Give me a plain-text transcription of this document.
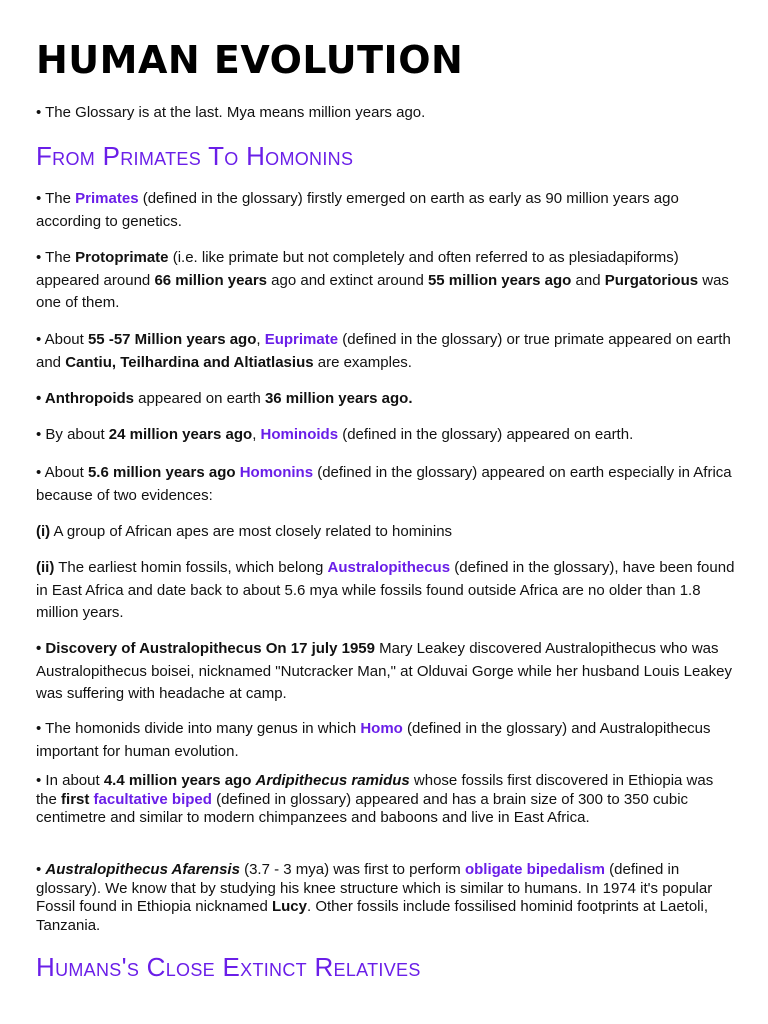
HUMAN EVOLUTION

• The Glossary is at the last. Mya means million years ago.

From Primates To Homonins

• The Primates (defined in the glossary) firstly emerged on earth as early as 90 million years ago according to genetics.

• The Protoprimate (i.e. like primate but not completely and often referred to as plesiadapiforms) appeared around 66 million years ago and extinct around 55 million years ago and Purgatorious was one of them.

• About 55 -57 Million years ago, Euprimate (defined in the glossary) or true primate appeared on earth and Cantiu, Teilhardina and Altiatlasius are examples.

• Anthropoids appeared on earth 36 million years ago.

• By about 24 million years ago, Hominoids (defined in the glossary) appeared on earth.

• About 5.6 million years ago Homonins (defined in the glossary) appeared on earth especially in Africa because of two evidences:

(i) A group of African apes are most closely related to hominins

(ii) The earliest homin fossils, which belong Australopithecus (defined in the glossary), have been found in East Africa and date back to about 5.6 mya while fossils found outside Africa are no older than 1.8 million years.

• Discovery of Australopithecus On 17 july 1959 Mary Leakey discovered Australopithecus who was Australopithecus boisei, nicknamed "Nutcracker Man," at Olduvai Gorge while her husband Louis Leakey was suffering with headache at camp.

• The homonids divide into many genus in which Homo (defined in the glossary) and Australopithecus important for human evolution.

• In about 4.4 million years ago Ardipithecus ramidus whose fossils first discovered in Ethiopia was the first facultative biped (defined in glossary) appeared and has a brain size of 300 to 350 cubic centimetre and similar to modern chimpanzees and baboons and live in East Africa.

• Australopithecus Afarensis (3.7 - 3 mya) was first to perform obligate bipedalism (defined in glossary). We know that by studying his knee structure which is similar to humans. In 1974 it's popular Fossil found in Ethiopia nicknamed Lucy. Other fossils include fossilised hominid footprints at Laetoli, Tanzania.

Humans's Close Extinct Relatives
